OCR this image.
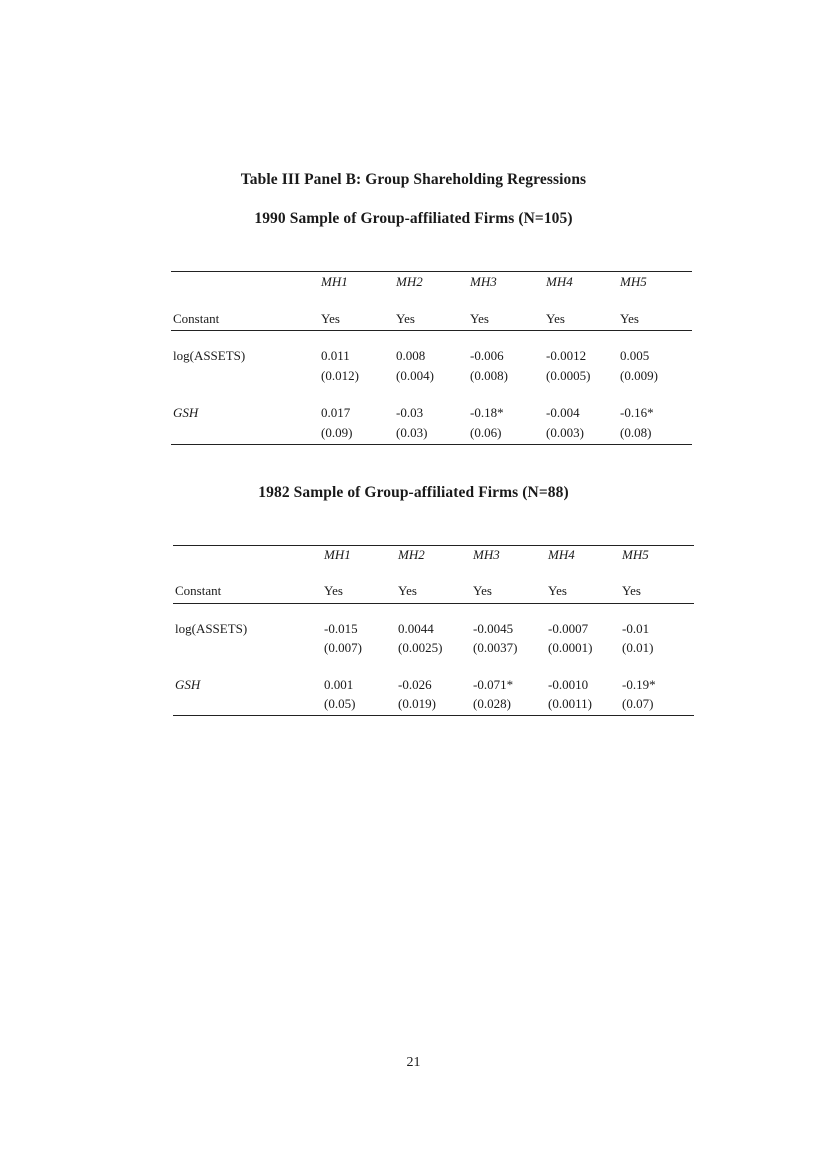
Table III Panel B: Group Shareholding Regressions
1990 Sample of Group-affiliated Firms (N=105)
MH1	MH2	MH3	MH4	MH5
Constant	Yes	Yes	Yes	Yes	Yes
log(ASSETS)	0.011	0.008	-0.006	-0.0012	0.005
(0.012)	(0.004)	(0.008)	(0.0005) (0.009)
GSH	0.017	-0.03	-0.18*	-0.004	-0.16*
(0.09)	(0.03)	(0.06)	(0.003)	(0.08)
1982 Sample of Group-affiliated Firms (N=88)
MH1	MH2	MH3	MH4	MH5
Constant	Yes	Yes	Yes	Yes	Yes
log(ASSETS)	-0.015	0.0044	-0.0045	-0.0007	-0.01
(0.007)	(0.0025) (0.0037) (0.0001) (0.01)
GSH	0.001	-0.026	-0.071*	-0.0010	-0.19*
(0.05)	(0.019)	(0.028)	(0.0011) (0.07)
21
